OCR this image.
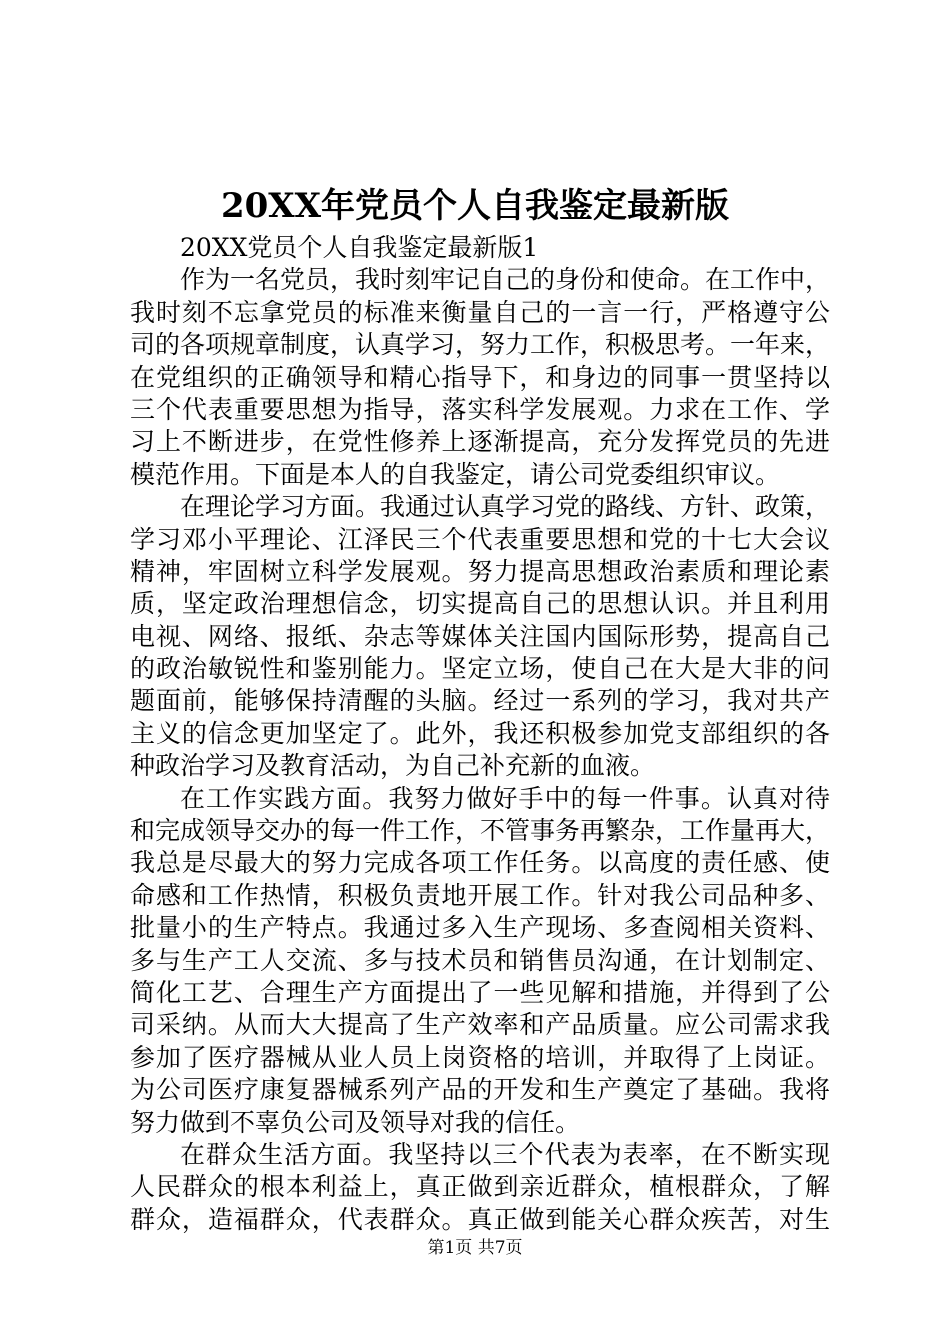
20XX年党员个人自我鉴定最新版
20XX党员个人自我鉴定最新版1
作为一名党员，我时刻牢记自己的身份和使命。在工作中，
我时刻不忘拿党员的标准来衡量自己的一言一行，严格遵守公
司的各项规章制度，认真学习，努力工作，积极思考。一年来，
在党组织的正确领导和精心指导下，和身边的同事一贯坚持以
三个代表重要思想为指导，落实科学发展观。力求在工作、学
习上不断进步，在党性修养上逐渐提高，充分发挥党员的先进
模范作用。下面是本人的自我鉴定，请公司党委组织审议。
在理论学习方面。我通过认真学习党的路线、方针、政策，
学习邓小平理论、江泽民三个代表重要思想和党的十七大会议
精神，牢固树立科学发展观。努力提高思想政治素质和理论素
质，坚定政治理想信念，切实提高自己的思想认识。并且利用
电视、网络、报纸、杂志等媒体关注国内国际形势，提高自己
的政治敏锐性和鉴别能力。坚定立场，使自己在大是大非的问
题面前，能够保持清醒的头脑。经过一系列的学习，我对共产
主义的信念更加坚定了。此外，我还积极参加党支部组织的各
种政治学习及教育活动，为自己补充新的血液。
在工作实践方面。我努力做好手中的每一件事。认真对待
和完成领导交办的每一件工作，不管事务再繁杂，工作量再大，
我总是尽最大的努力完成各项工作任务。以高度的责任感、使
命感和工作热情，积极负责地开展工作。针对我公司品种多、
批量小的生产特点。我通过多入生产现场、多查阅相关资料、
多与生产工人交流、多与技术员和销售员沟通，在计划制定、
简化工艺、合理生产方面提出了一些见解和措施，并得到了公
司采纳。从而大大提高了生产效率和产品质量。应公司需求我
参加了医疗器械从业人员上岗资格的培训，并取得了上岗证。
为公司医疗康复器械系列产品的开发和生产奠定了基础。我将
努力做到不辜负公司及领导对我的信任。
在群众生活方面。我坚持以三个代表为表率，在不断实现
人民群众的根本利益上，真正做到亲近群众，植根群众，了解
群众，造福群众，代表群众。真正做到能关心群众疾苦，对生
第1页 共7页
